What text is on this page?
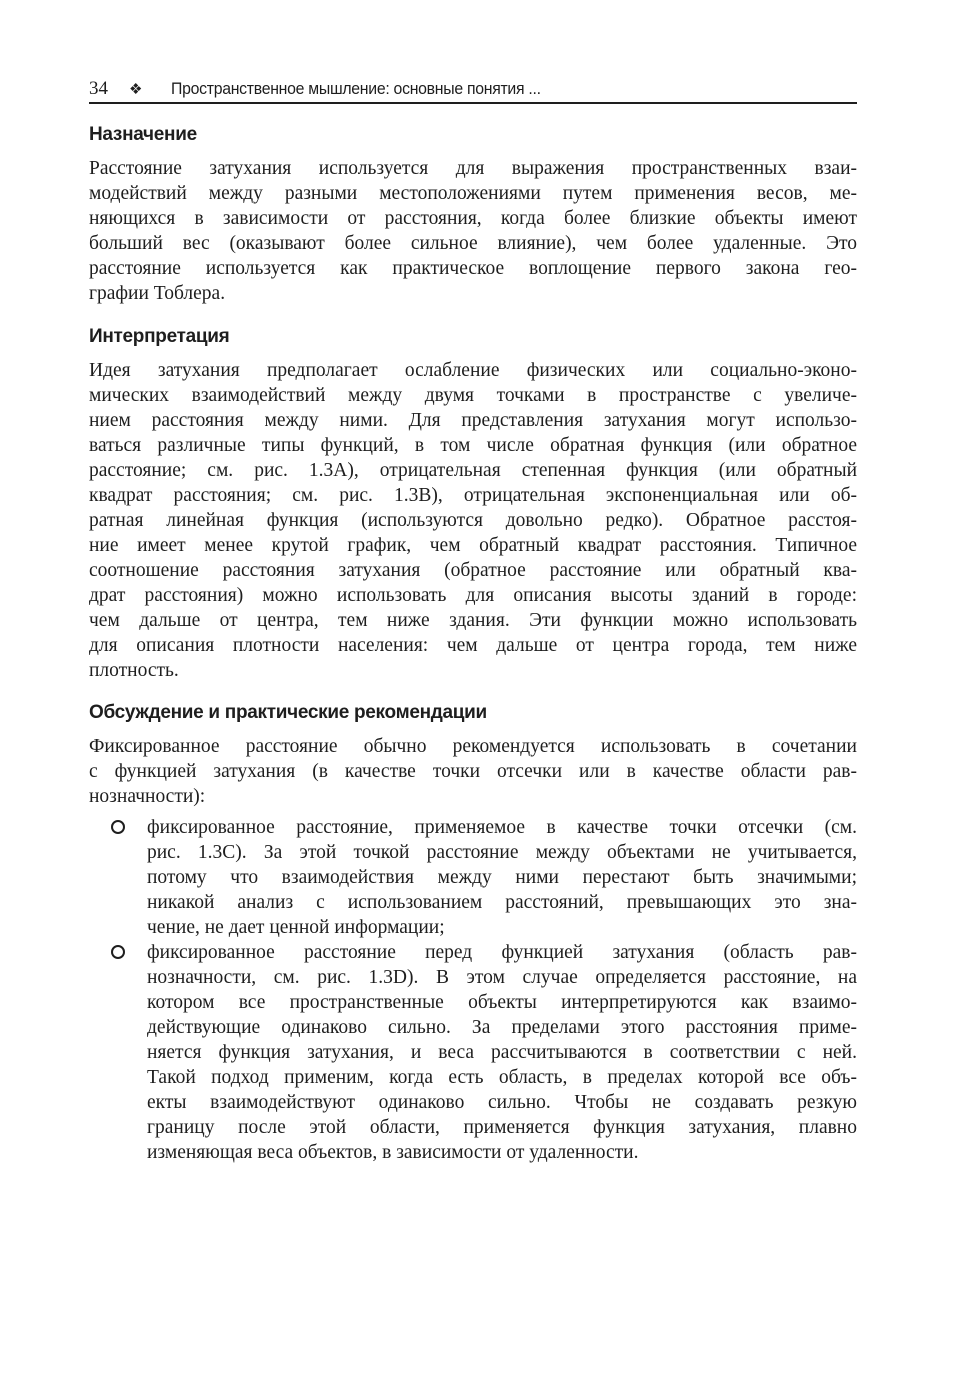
34 ❖ Пространственное мышление: основные понятия ...
Назначение
Расстояние затухания используется для выражения пространственных взаи-
модействий между разными местоположениями путем применения весов, ме-
няющихся в зависимости от расстояния, когда более близкие объекты имеют
больший вес (оказывают более сильное влияние), чем более удаленные. Это
расстояние используется как практическое воплощение первого закона гео-
графии Тоблера.
Интерпретация
Идея затухания предполагает ослабление физических или социально-эконо-
мических взаимодействий между двумя точками в пространстве с увеличе-
нием расстояния между ними. Для представления затухания могут использо-
ваться различные типы функций, в том числе обратная функция (или обратное
расстояние; см. рис. 1.3A), отрицательная степенная функция (или обратный
квадрат расстояния; см. рис. 1.3B), отрицательная экспоненциальная или об-
ратная линейная функция (используются довольно редко). Обратное расстоя-
ние имеет менее крутой график, чем обратный квадрат расстояния. Типичное
соотношение расстояния затухания (обратное расстояние или обратный ква-
драт расстояния) можно использовать для описания высоты зданий в городе:
чем дальше от центра, тем ниже здания. Эти функции можно использовать
для описания плотности населения: чем дальше от центра города, тем ниже
плотность.
Обсуждение и практические рекомендации
Фиксированное расстояние обычно рекомендуется использовать в сочетании
с функцией затухания (в качестве точки отсечки или в качестве области рав-
нозначности):
фиксированное расстояние, применяемое в качестве точки отсечки (см.
рис. 1.3C). За этой точкой расстояние между объектами не учитывается,
потому что взаимодействия между ними перестают быть значимыми;
никакой анализ с использованием расстояний, превышающих это зна-
чение, не дает ценной информации;
фиксированное расстояние перед функцией затухания (область рав-
нозначности, см. рис. 1.3D). В этом случае определяется расстояние, на
котором все пространственные объекты интерпретируются как взаимо-
действующие одинаково сильно. За пределами этого расстояния приме-
няется функция затухания, и веса рассчитываются в соответствии с ней.
Такой подход применим, когда есть область, в пределах которой все объ-
екты взаимодействуют одинаково сильно. Чтобы не создавать резкую
границу после этой области, применяется функция затухания, плавно
изменяющая веса объектов, в зависимости от удаленности.
